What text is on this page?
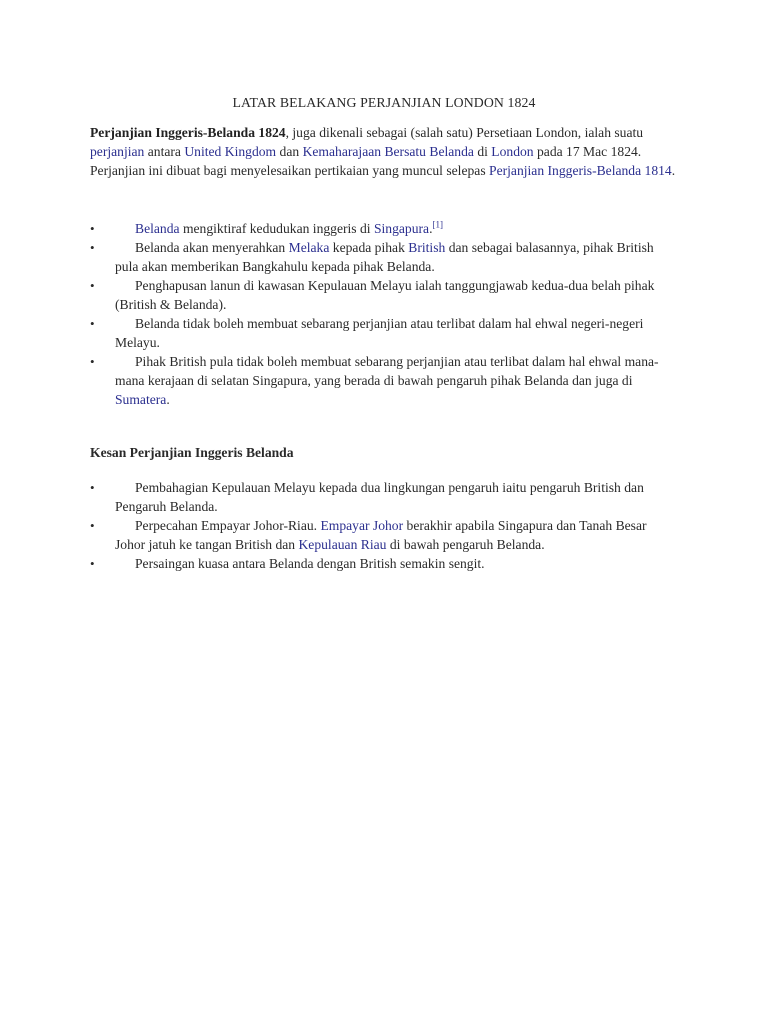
LATAR BELAKANG PERJANJIAN LONDON 1824
Perjanjian Inggeris-Belanda 1824, juga dikenali sebagai (salah satu) Persetiaan London, ialah suatu perjanjian antara United Kingdom dan Kemaharajaan Bersatu Belanda di London pada 17 Mac 1824. Perjanjian ini dibuat bagi menyelesaikan pertikaian yang muncul selepas Perjanjian Inggeris-Belanda 1814.
•	Belanda mengiktiraf kedudukan inggeris di Singapura.[1]
•	Belanda akan menyerahkan Melaka kepada pihak British dan sebagai balasannya, pihak British pula akan memberikan Bangkahulu kepada pihak Belanda.
•	Penghapusan lanun di kawasan Kepulauan Melayu ialah tanggungjawab kedua-dua belah pihak (British & Belanda).
•	Belanda tidak boleh membuat sebarang perjanjian atau terlibat dalam hal ehwal negeri-negeri Melayu.
•	Pihak British pula tidak boleh membuat sebarang perjanjian atau terlibat dalam hal ehwal mana-mana kerajaan di selatan Singapura, yang berada di bawah pengaruh pihak Belanda dan juga di Sumatera.
Kesan Perjanjian Inggeris Belanda
•	Pembahagian Kepulauan Melayu kepada dua lingkungan pengaruh iaitu pengaruh British dan Pengaruh Belanda.
•	Perpecahan Empayar Johor-Riau. Empayar Johor berakhir apabila Singapura dan Tanah Besar Johor jatuh ke tangan British dan Kepulauan Riau di bawah pengaruh Belanda.
•	Persaingan kuasa antara Belanda dengan British semakin sengit.
